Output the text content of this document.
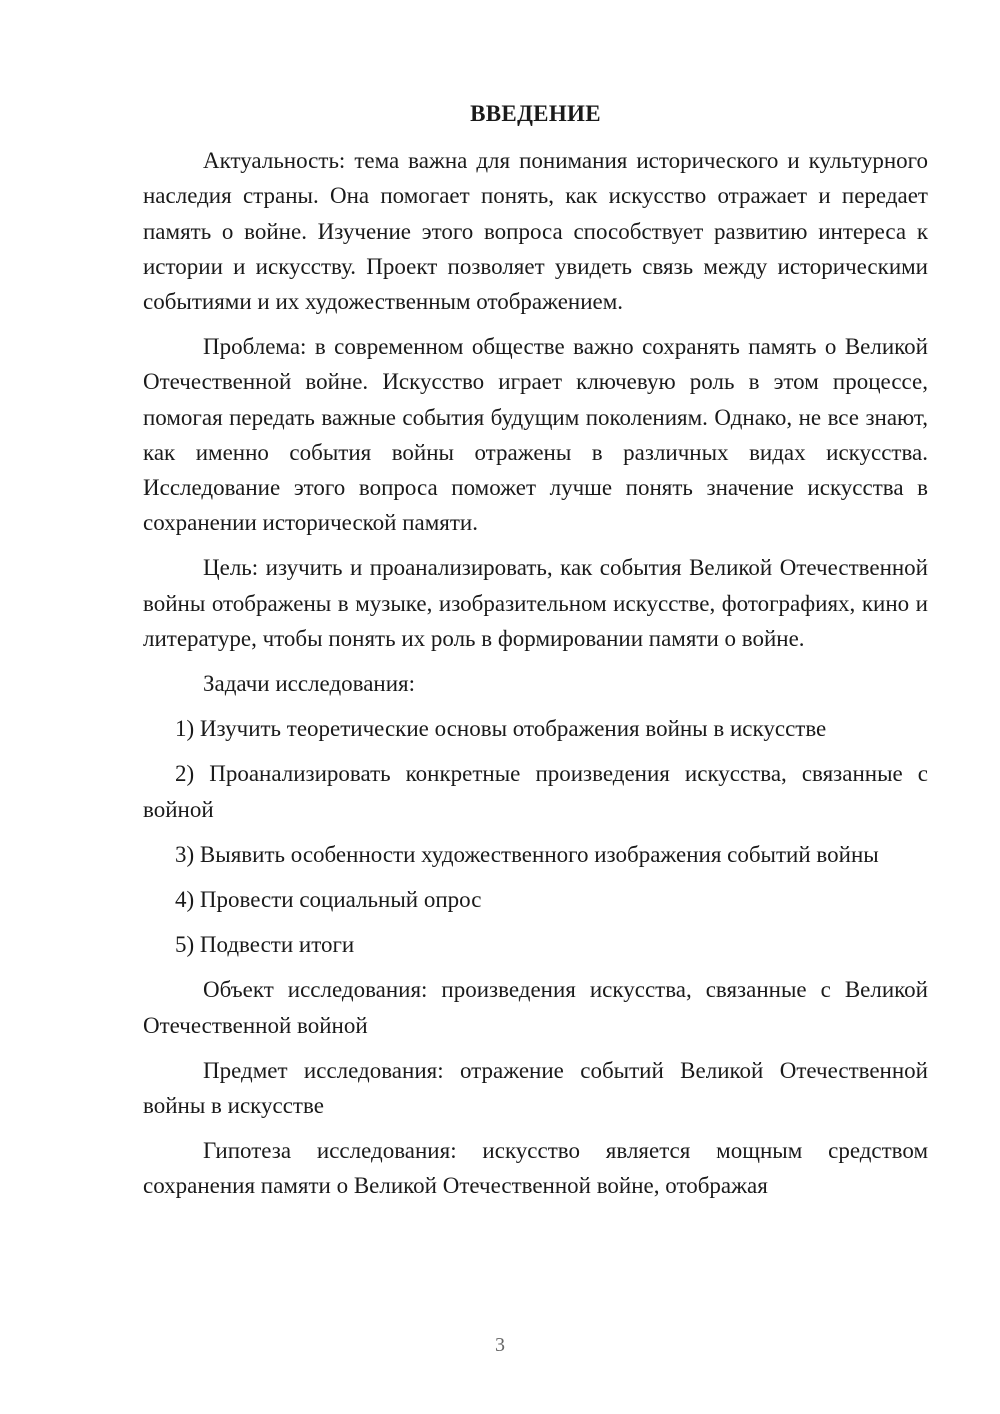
ВВЕДЕНИЕ

Актуальность: тема важна для понимания исторического и культурного наследия страны. Она помогает понять, как искусство отражает и передает память о войне. Изучение этого вопроса способствует развитию интереса к истории и искусству. Проект позволяет увидеть связь между историческими событиями и их художественным отображением.

Проблема: в современном обществе важно сохранять память о Великой Отечественной войне. Искусство играет ключевую роль в этом процессе, помогая передать важные события будущим поколениям. Однако, не все знают, как именно события войны отражены в различных видах искусства. Исследование этого вопроса поможет лучше понять значение искусства в сохранении исторической памяти.

Цель: изучить и проанализировать, как события Великой Отечественной войны отображены в музыке, изобразительном искусстве, фотографиях, кино и литературе, чтобы понять их роль в формировании памяти о войне.

Задачи исследования:

1) Изучить теоретические основы отображения войны в искусстве

2) Проанализировать конкретные произведения искусства, связанные с войной

3) Выявить особенности художественного изображения событий войны

4) Провести социальный опрос

5) Подвести итоги

Объект исследования: произведения искусства, связанные с Великой Отечественной войной

Предмет исследования: отражение событий Великой Отечественной войны в искусстве

Гипотеза исследования: искусство является мощным средством сохранения памяти о Великой Отечественной войне, отображая

3
